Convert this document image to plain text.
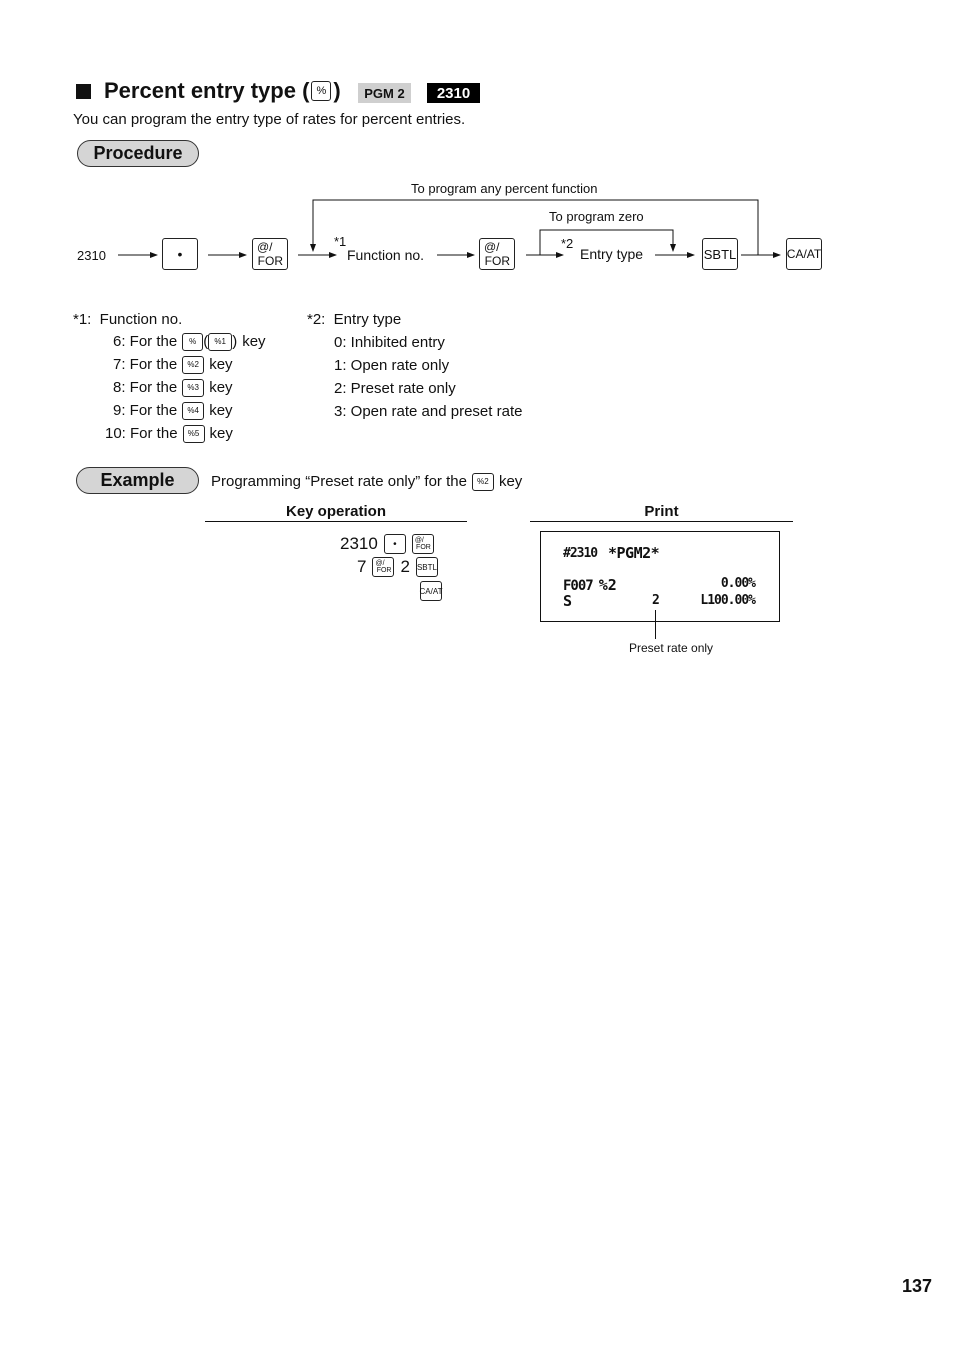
Percent entry type ( % ) PGM 2 2310
You can program the entry type of rates for percent entries.
Procedure
To program any percent function
To program zero
2310	•	@/
FOR
*1
Function no.	@/
FOR
*2
Entry type	SBTL	CA/AT
*1:  Function no.
6: For the % ( %1 ) key
7: For the %2 key
8: For the %3 key
9: For the %4 key
10: For the %5 key
*2:  Entry type
0: Inhibited entry
1: Open rate only
2: Preset rate only
3: Open rate and preset rate
Example Programming “Preset rate only” for the %2 key
Key operation	Print
2310 •	@/
FOR
7 @/
FOR 2 SBTL
CA/AT
#2310 *PGM2*
F007 %2	0.00%
S	2	L100.00%
Preset rate only
137
